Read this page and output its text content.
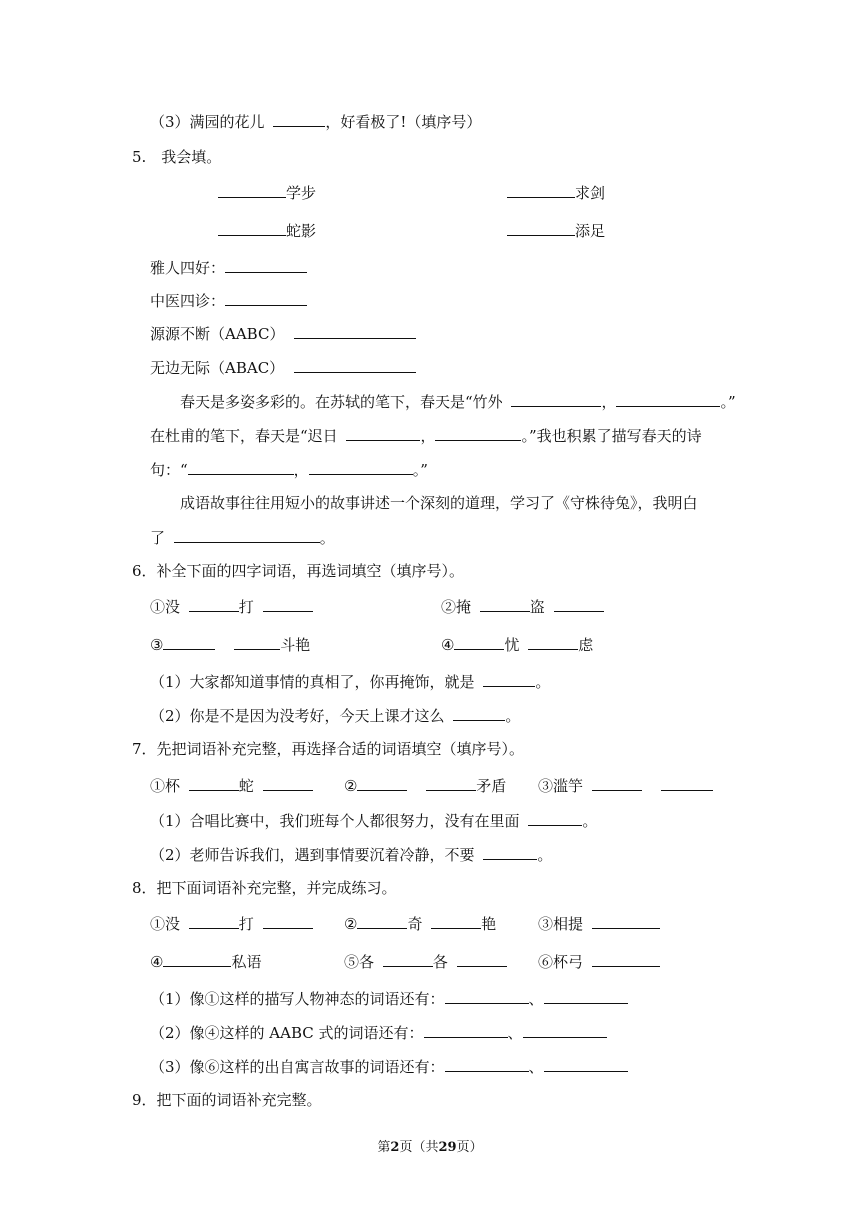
（3）满园的花儿	，好看极了!（填序号）
5.　我会填。
学步	求剑
蛇影	添足
雅人四好：
中医四诊：
源源不断（AABC）
无边无际（ABAC）
春天是多姿多彩的。在苏轼的笔下，春天是“竹外	，	。”
在杜甫的笔下，春天是“迟日	，	。”我也积累了描写春天的诗
句：“	，	。”
成语故事往往用短小的故事讲述一个深刻的道理，学习了《守株待兔》，我明白
了	。
6．补全下面的四字词语，再选词填空（填序号）。
①没	打	②掩	盗
③	斗艳	④	忧	虑
（1）大家都知道事情的真相了，你再掩饰，就是	。
（2）你是不是因为没考好，今天上课才这么	。
7．先把词语补充完整，再选择合适的词语填空（填序号）。
①杯	蛇	②	矛盾 ③滥竽
（1）合唱比赛中，我们班每个人都很努力，没有在里面	。
（2）老师告诉我们，遇到事情要沉着冷静，不要	。
8．把下面词语补充完整，并完成练习。
①没	打	②	奇	艳	③相提
④	私语	⑤各	各	⑥杯弓
（1）像①这样的描写人物神态的词语还有：	、
（2）像④这样的 AABC 式的词语还有：	、
（3）像⑥这样的出自寓言故事的词语还有：	、
9．把下面的词语补充完整。
第2页（共29页）
